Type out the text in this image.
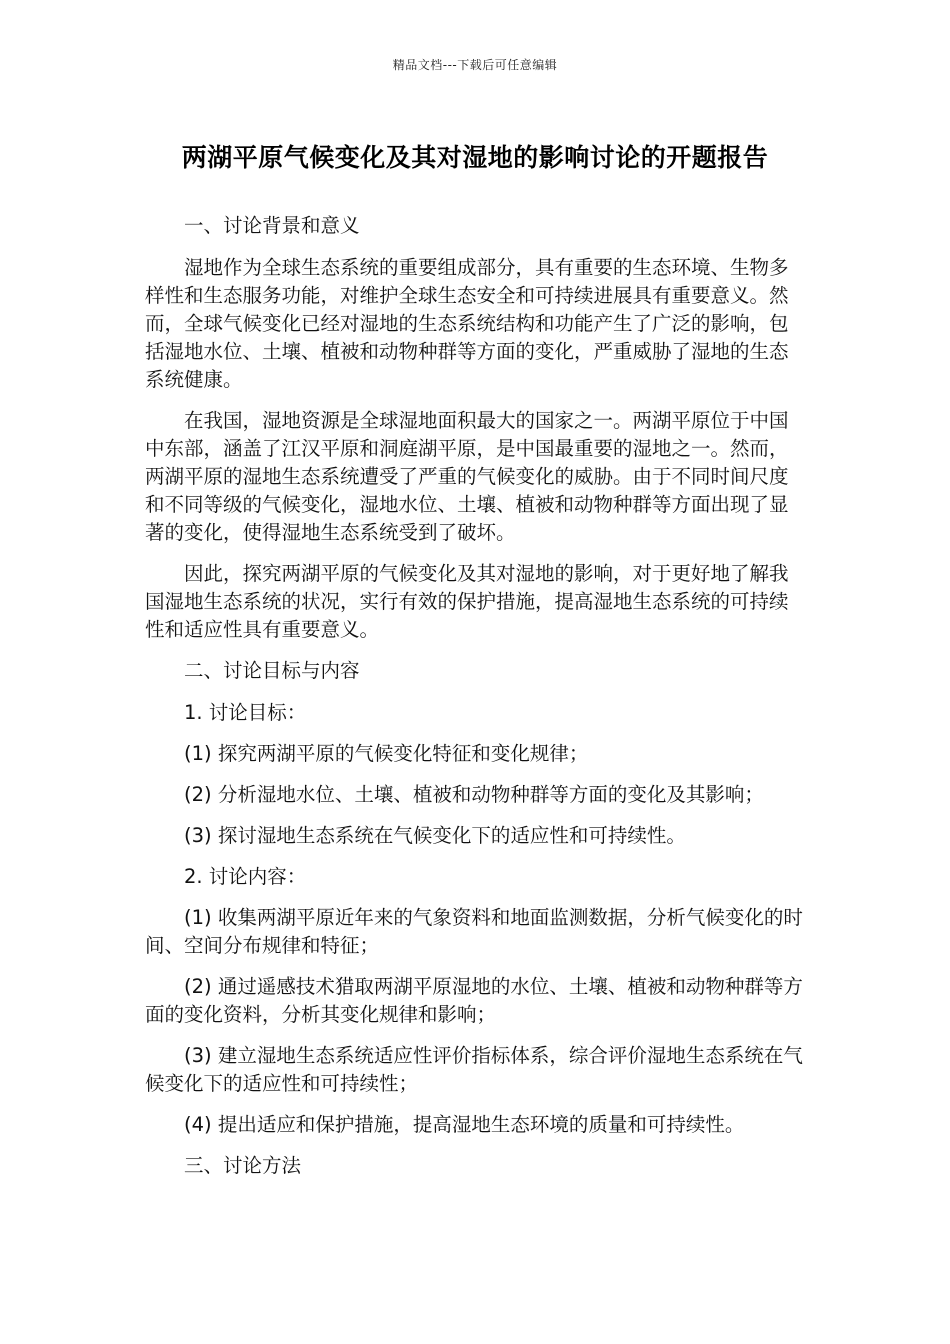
精品文档---下载后可任意编辑
两湖平原气候变化及其对湿地的影响讨论的开题报告

一、讨论背景和意义

湿地作为全球生态系统的重要组成部分，具有重要的生态环境、生物多样性和生态服务功能，对维护全球生态安全和可持续进展具有重要意义。然而，全球气候变化已经对湿地的生态系统结构和功能产生了广泛的影响，包括湿地水位、土壤、植被和动物种群等方面的变化，严重威胁了湿地的生态系统健康。

在我国，湿地资源是全球湿地面积最大的国家之一。两湖平原位于中国中东部，涵盖了江汉平原和洞庭湖平原，是中国最重要的湿地之一。然而，两湖平原的湿地生态系统遭受了严重的气候变化的威胁。由于不同时间尺度和不同等级的气候变化，湿地水位、土壤、植被和动物种群等方面出现了显著的变化，使得湿地生态系统受到了破坏。

因此，探究两湖平原的气候变化及其对湿地的影响，对于更好地了解我国湿地生态系统的状况，实行有效的保护措施，提高湿地生态系统的可持续性和适应性具有重要意义。

二、讨论目标与内容

1. 讨论目标：

(1) 探究两湖平原的气候变化特征和变化规律；

(2) 分析湿地水位、土壤、植被和动物种群等方面的变化及其影响；

(3) 探讨湿地生态系统在气候变化下的适应性和可持续性。

2. 讨论内容：

(1) 收集两湖平原近年来的气象资料和地面监测数据，分析气候变化的时间、空间分布规律和特征；

(2) 通过遥感技术猎取两湖平原湿地的水位、土壤、植被和动物种群等方面的变化资料，分析其变化规律和影响；

(3) 建立湿地生态系统适应性评价指标体系，综合评价湿地生态系统在气候变化下的适应性和可持续性；

(4) 提出适应和保护措施，提高湿地生态环境的质量和可持续性。

三、讨论方法
